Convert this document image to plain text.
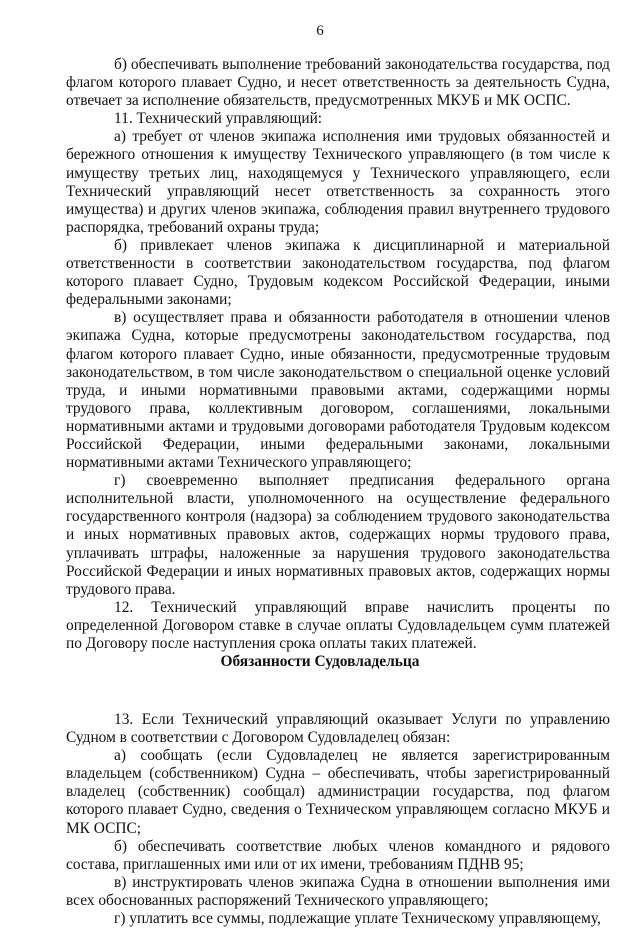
6

б) обеспечивать выполнение требований законодательства государства, под флагом которого плавает Судно, и несет ответственность за деятельность Судна, отвечает за исполнение обязательств, предусмотренных МКУБ и МК ОСПС.

11. Технический управляющий:

а) требует от членов экипажа исполнения ими трудовых обязанностей и бережного отношения к имуществу Технического управляющего (в том числе к имуществу третьих лиц, находящемуся у Технического управляющего, если Технический управляющий несет ответственность за сохранность этого имущества) и других членов экипажа, соблюдения правил внутреннего трудового распорядка, требований охраны труда;

б) привлекает членов экипажа к дисциплинарной и материальной ответственности в соответствии законодательством государства, под флагом которого плавает Судно, Трудовым кодексом Российской Федерации, иными федеральными законами;

в) осуществляет права и обязанности работодателя в отношении членов экипажа Судна, которые предусмотрены законодательством государства, под флагом которого плавает Судно, иные обязанности, предусмотренные трудовым законодательством, в том числе законодательством о специальной оценке условий труда, и иными нормативными правовыми актами, содержащими нормы трудового права, коллективным договором, соглашениями, локальными нормативными актами и трудовыми договорами работодателя Трудовым кодексом Российской Федерации, иными федеральными законами, локальными нормативными актами Технического управляющего;

г) своевременно выполняет предписания федерального органа исполнительной власти, уполномоченного на осуществление федерального государственного контроля (надзора) за соблюдением трудового законодательства и иных нормативных правовых актов, содержащих нормы трудового права, уплачивать штрафы, наложенные за нарушения трудового законодательства Российской Федерации и иных нормативных правовых актов, содержащих нормы трудового права.

12. Технический управляющий вправе начислить проценты по определенной Договором ставке в случае оплаты Судовладельцем сумм платежей по Договору после наступления срока оплаты таких платежей.

Обязанности Судовладельца

13. Если Технический управляющий оказывает Услуги по управлению Судном в соответствии с Договором Судовладелец обязан:

а) сообщать (если Судовладелец не является зарегистрированным владельцем (собственником) Судна – обеспечивать, чтобы зарегистрированный владелец (собственник) сообщал) администрации государства, под флагом которого плавает Судно, сведения о Техническом управляющем согласно МКУБ и МК ОСПС;

б) обеспечивать соответствие любых членов командного и рядового состава, приглашенных ими или от их имени, требованиям ПДНВ 95;

в) инструктировать членов экипажа Судна в отношении выполнения ими всех обоснованных распоряжений Технического управляющего;

г) уплатить все суммы, подлежащие уплате Техническому управляющему,
